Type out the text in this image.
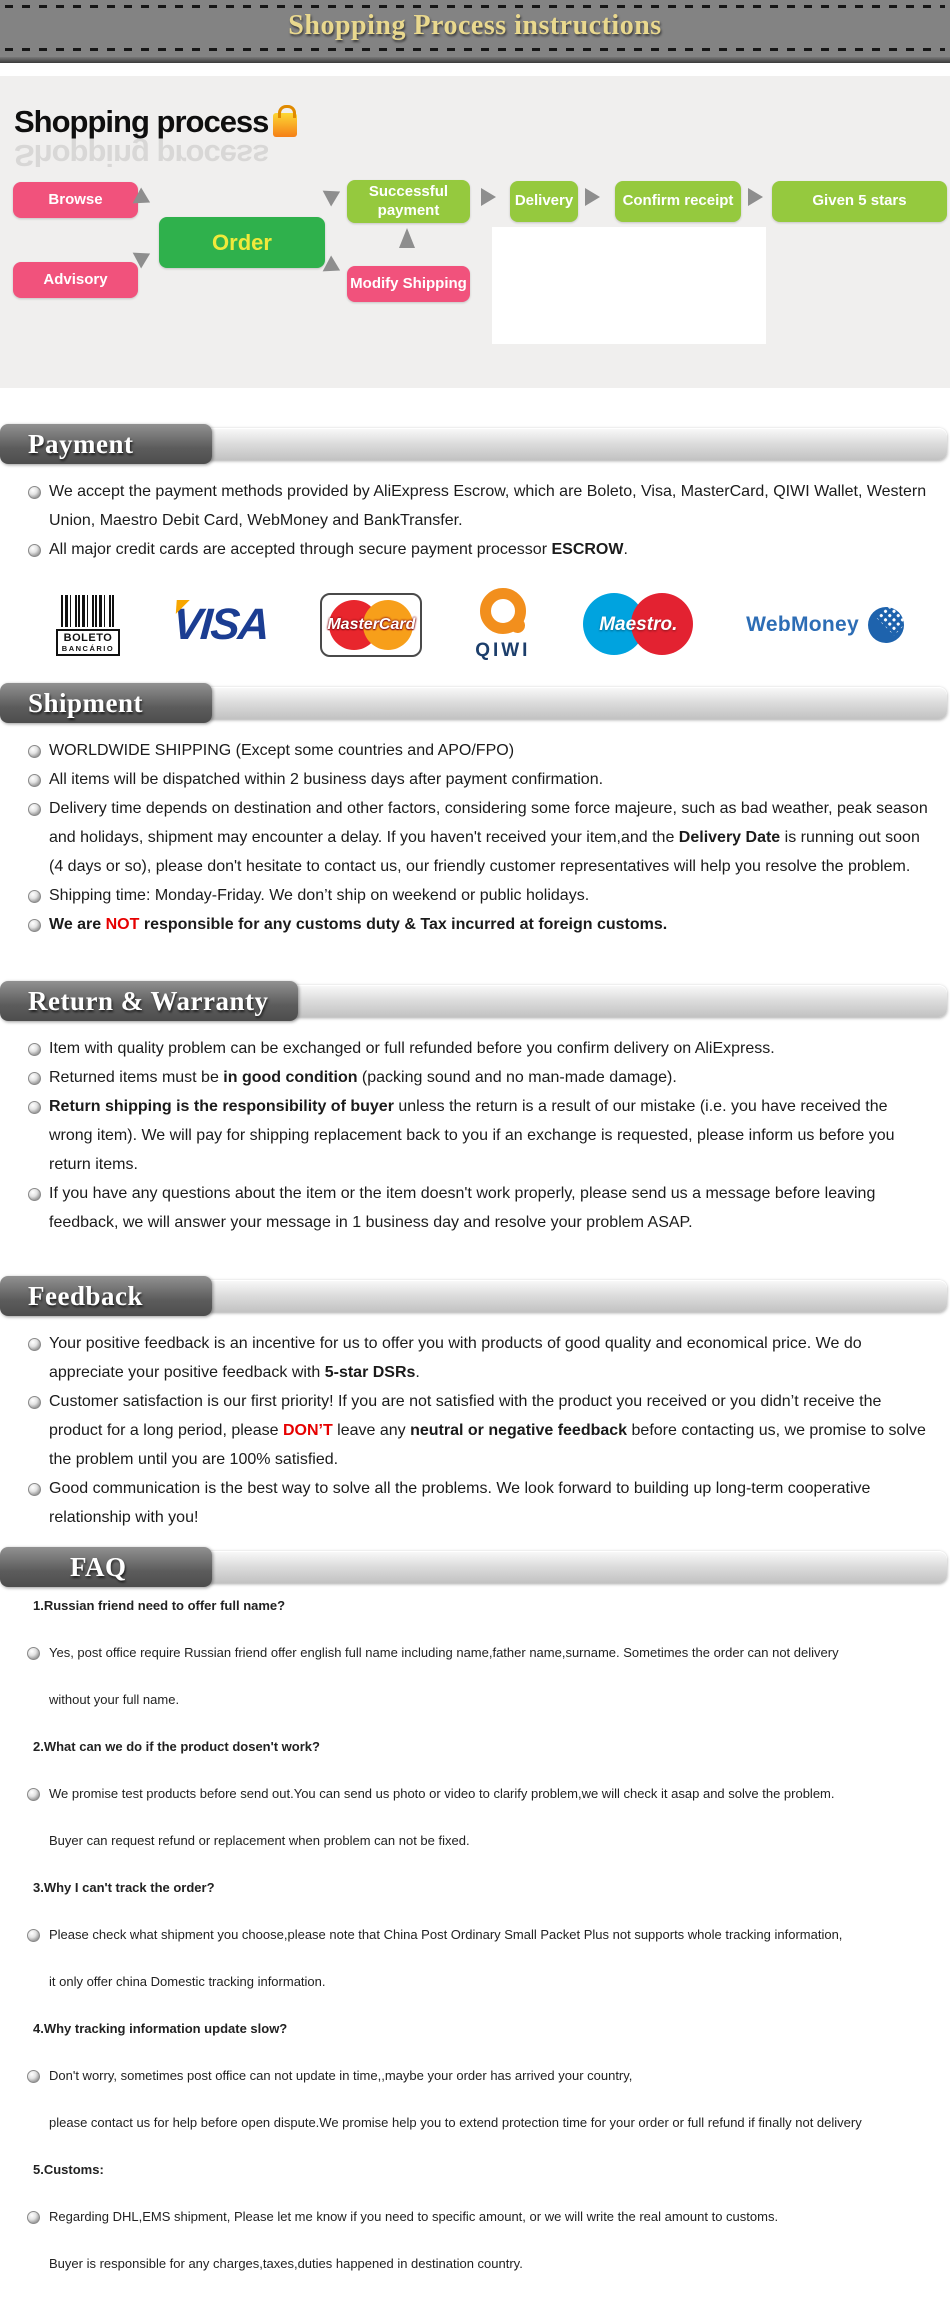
Shopping Process instructions
Shopping process
Shopping process
Browse
Advisory
Order
Successful payment
Modify Shipping
Delivery	Confirm receipt	Given 5 stars
Payment
We accept the payment methods provided by AliExpress Escrow, which are Boleto, Visa, MasterCard, QIWI Wallet, Western Union, Maestro Debit Card, WebMoney and BankTransfer.
All major credit cards are accepted through secure payment processor ESCROW.
BOLETO
BANCÁRIO VISA	MasterCard
QIWI
Maestro.	WebMoney
Shipment
WORLDWIDE SHIPPING (Except some countries and APO/FPO)
All items will be dispatched within 2 business days after payment confirmation.
Delivery time depends on destination and other factors, considering some force majeure, such as bad weather, peak season and holidays, shipment may encounter a delay. If you haven't received your item,and the Delivery Date is running out soon (4 days or so), please don't hesitate to contact us, our friendly customer representatives will help you resolve the problem.
Shipping time: Monday-Friday. We don’t ship on weekend or public holidays.
We are NOT responsible for any customs duty & Tax incurred at foreign customs.
Return & Warranty
Item with quality problem can be exchanged or full refunded before you confirm delivery on AliExpress.
Returned items must be in good condition (packing sound and no man-made damage).
Return shipping is the responsibility of buyer unless the return is a result of our mistake (i.e. you have received the wrong item). We will pay for shipping replacement back to you if an exchange is requested, please inform us before you return items.
If you have any questions about the item or the item doesn't work properly, please send us a message before leaving feedback, we will answer your message in 1 business day and resolve your problem ASAP.
Feedback
Your positive feedback is an incentive for us to offer you with products of good quality and economical price. We do appreciate your positive feedback with 5-star DSRs.
Customer satisfaction is our first priority! If you are not satisfied with the product you received or you didn’t receive the product for a long period, please DON’T leave any neutral or negative feedback before contacting us, we promise to solve the problem until you are 100% satisfied.
Good communication is the best way to solve all the problems. We look forward to building up long-term cooperative relationship with you!
FAQ
1.Russian friend need to offer full name?
Yes, post office require Russian friend offer english full name including name,father name,surname. Sometimes the order can not delivery
without your full name.
2.What can we do if the product dosen't work?
We promise test products before send out.You can send us photo or video to clarify problem,we will check it asap and solve the problem.
Buyer can request refund or replacement when problem can not be fixed.
3.Why I can't track the order?
Please check what shipment you choose,please note that China Post Ordinary Small Packet Plus not supports whole tracking information,
it only offer china Domestic tracking information.
4.Why tracking information update slow?
Don't worry, sometimes post office can not update in time,,maybe your order has arrived your country,
please contact us for help before open dispute.We promise help you to extend protection time for your order or full refund if finally not delivery
5.Customs:
Regarding DHL,EMS shipment, Please let me know if you need to specific amount, or we will write the real amount to customs.
Buyer is responsible for any charges,taxes,duties happened in destination country.
